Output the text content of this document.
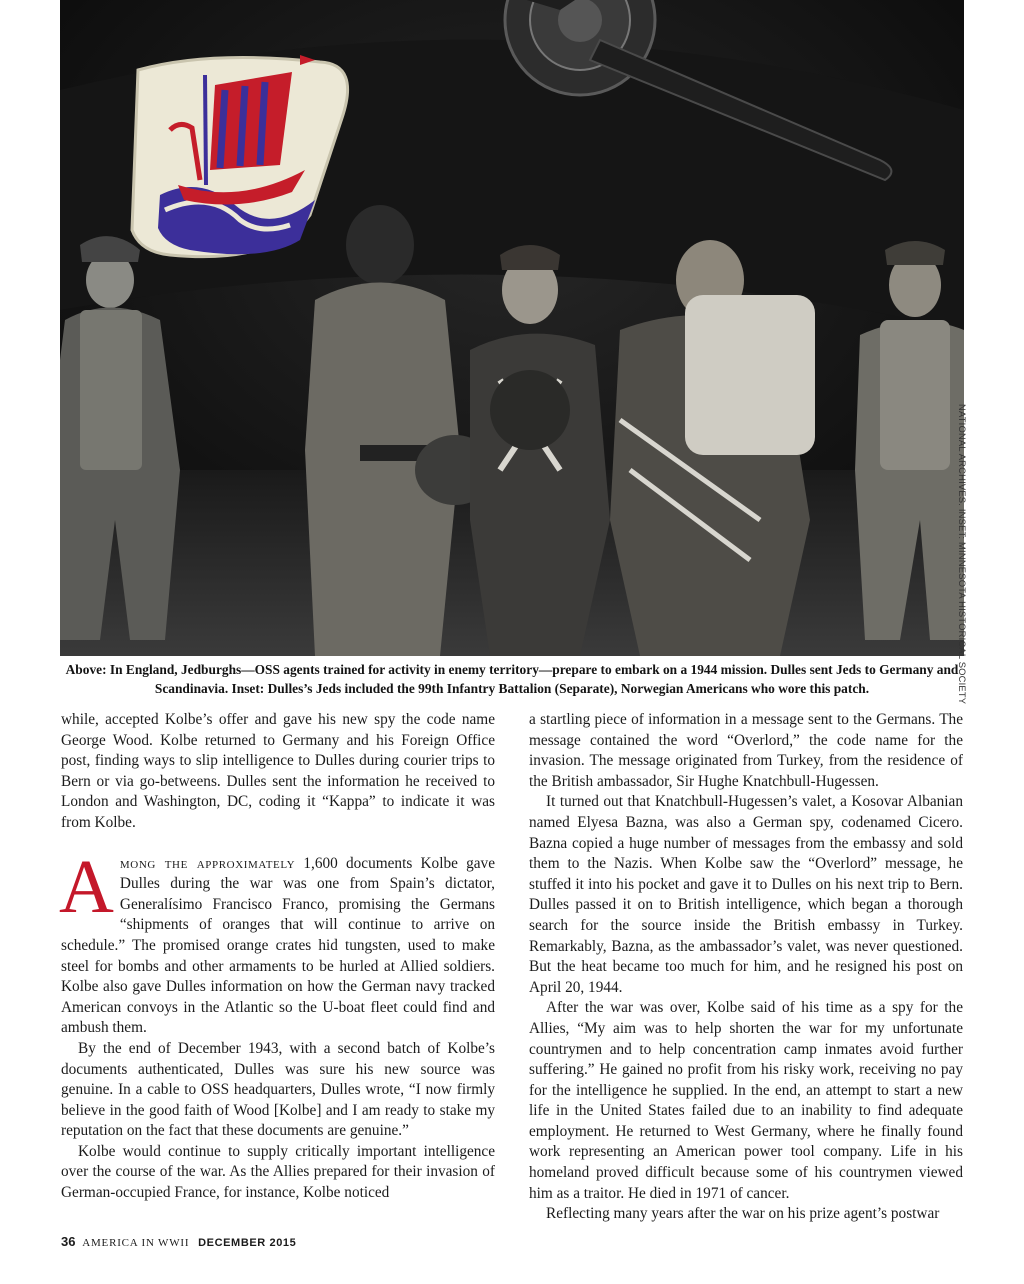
NATIONAL ARCHIVES. INSET: MINNESOTA HISTORICAL SOCIETY
Above: In England, Jedburghs—OSS agents trained for activity in enemy territory—prepare to embark on a 1944 mission. Dulles sent Jeds to Germany and Scandinavia. Inset: Dulles’s Jeds included the 99th Infantry Battalion (Separate), Norwegian Americans who wore this patch.

while, accepted Kolbe’s offer and gave his new spy the code name George Wood. Kolbe returned to Germany and his Foreign Office post, finding ways to slip intelligence to Dulles during courier trips to Bern or via go-betweens. Dulles sent the information he received to London and Washington, DC, coding it “Kappa” to indicate it was from Kolbe.

Among the approximately 1,600 documents Kolbe gave Dulles during the war was one from Spain’s dictator, Generalísimo Francisco Franco, promising the Germans “shipments of oranges that will continue to arrive on schedule.” The promised orange crates hid tungsten, used to make steel for bombs and other armaments to be hurled at Allied soldiers. Kolbe also gave Dulles information on how the German navy tracked American convoys in the Atlantic so the U-boat fleet could find and ambush them.

By the end of December 1943, with a second batch of Kolbe’s documents authenticated, Dulles was sure his new source was genuine. In a cable to OSS headquarters, Dulles wrote, “I now firmly believe in the good faith of Wood [Kolbe] and I am ready to stake my reputation on the fact that these documents are genuine.”

Kolbe would continue to supply critically important intelligence over the course of the war. As the Allies prepared for their invasion of German-occupied France, for instance, Kolbe noticed

a startling piece of information in a message sent to the Germans. The message contained the word “Overlord,” the code name for the invasion. The message originated from Turkey, from the residence of the British ambassador, Sir Hughe Knatchbull-Hugessen.

It turned out that Knatchbull-Hugessen’s valet, a Kosovar Albanian named Elyesa Bazna, was also a German spy, codenamed Cicero. Bazna copied a huge number of messages from the embassy and sold them to the Nazis. When Kolbe saw the “Overlord” message, he stuffed it into his pocket and gave it to Dulles on his next trip to Bern. Dulles passed it on to British intelligence, which began a thorough search for the source inside the British embassy in Turkey. Remarkably, Bazna, as the ambassador’s valet, was never questioned. But the heat became too much for him, and he resigned his post on April 20, 1944.

After the war was over, Kolbe said of his time as a spy for the Allies, “My aim was to help shorten the war for my unfortunate countrymen and to help concentration camp inmates avoid further suffering.” He gained no profit from his risky work, receiving no pay for the intelligence he supplied. In the end, an attempt to start a new life in the United States failed due to an inability to find adequate employment. He returned to West Germany, where he finally found work representing an American power tool company. Life in his homeland proved difficult because some of his countrymen viewed him as a traitor. He died in 1971 of cancer.

Reflecting many years after the war on his prize agent’s postwar

36 AMERICA IN WWII DECEMBER 2015
